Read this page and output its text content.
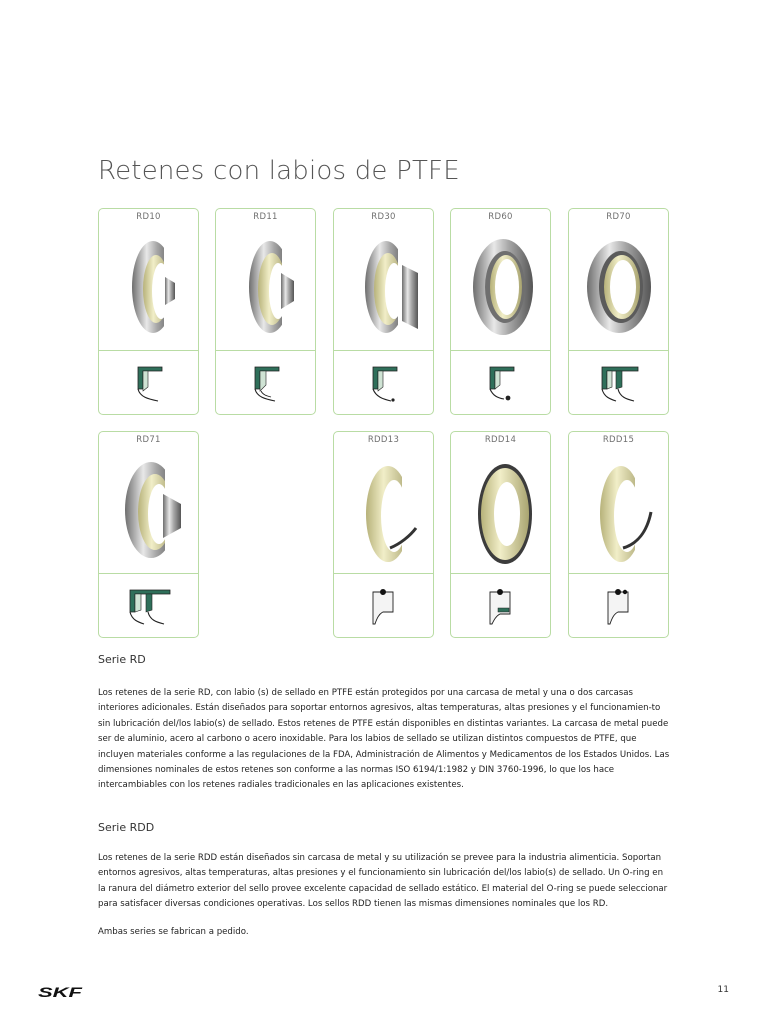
Retenes con labios de PTFE
RD10	RD11	RD30	RD60	RD70
RD71	RDD13	RDD14	RDD15
Serie RD

Los retenes de la serie RD, con labio (s) de sellado en PTFE están protegidos por una carcasa de metal y una o dos carcasas interiores adicionales. Están diseñados para soportar entornos agresivos, altas temperaturas, altas presiones y el funcionamien-to sin lubricación del/los labio(s) de sellado. Estos retenes de PTFE están disponibles en distintas variantes. La carcasa de metal puede ser de aluminio, acero al carbono o acero inoxidable. Para los labios de sellado se utilizan distintos compuestos de PTFE, que incluyen materiales conforme a las regulaciones de la FDA, Administración de Alimentos y Medicamentos de los Estados Unidos. Las dimensiones nominales de estos retenes son conforme a las normas ISO 6194/1:1982 y DIN 3760-1996, lo que los hace intercambiables con los retenes radiales tradicionales en las aplicaciones existentes.

Serie RDD

Los retenes de la serie RDD están diseñados sin carcasa de metal y su utilización se prevee para la industria alimenticia. Soportan entornos agresivos, altas temperaturas, altas presiones y el funcionamiento sin lubricación del/los labio(s) de sellado. Un O-ring en la ranura del diámetro exterior del sello provee excelente capacidad de sellado estático. El material del O-ring se puede seleccionar para satisfacer diversas condiciones operativas. Los sellos RDD tienen las mismas dimensiones nominales que los RD.

Ambas series se fabrican a pedido.

SKF	11
